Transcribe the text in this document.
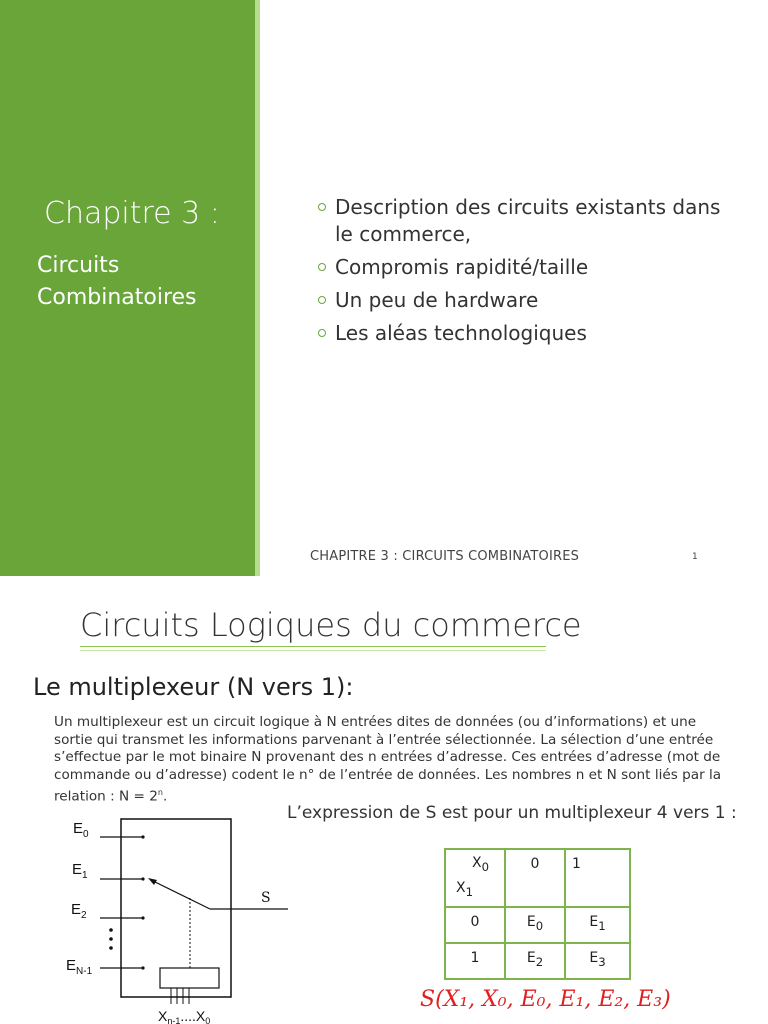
Chapitre 3 :
Circuits
Combinatoires
Description des circuits existants dans le commerce,
Compromis rapidité/taille
Un peu de hardware
Les aléas technologiques
CHAPITRE 3 : CIRCUITS COMBINATOIRES	1
Circuits Logiques du commerce
Le multiplexeur (N vers 1):
Un multiplexeur est un circuit logique à N entrées dites de données (ou d’informations) et une sortie qui transmet les informations parvenant à l’entrée sélectionnée. La sélection d’une entrée s’effectue par le mot binaire N provenant des n entrées d’adresse. Ces entrées d’adresse (mot de commande ou d’adresse) codent le n° de l’entrée de données. Les nombres n et N sont liés par la relation : $N = 2^n$.
L’expression de S est pour un multiplexeur 4 vers 1 :
$E_0$
$E_1$
$E_2$
$E_{N-1}$
S
$X_{n-1}....X_0$
$X_0$
$X_1$	0	1
0	$E_0$	$E_1$
1	$E_2$	$E_3$
S(X₁, X₀, E₀, E₁, E₂, E₃)
